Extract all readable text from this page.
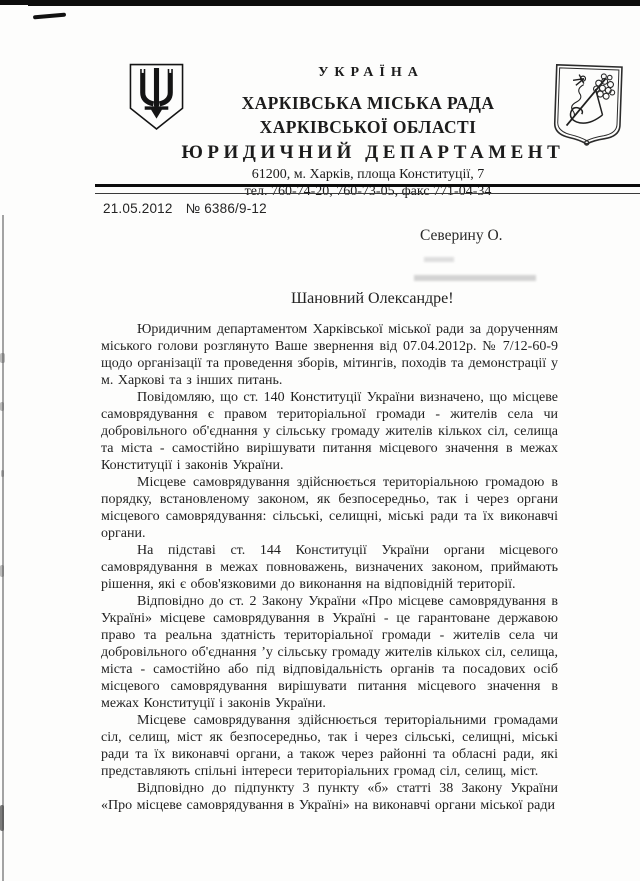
УКРАЇНА
ХАРКІВСЬКА МІСЬКА РАДА
ХАРКІВСЬКОЇ ОБЛАСТІ
ЮРИДИЧНИЙ ДЕПАРТАМЕНТ
61200, м. Харків, площа Конституції, 7
тел. 760-74-20, 760-73-05, факс 771-04-34
21.05.2012 № 6386/9-12
Северину О.
Шановний Олександре!

Юридичним департаментом Харківської міської ради за дорученням міського голови розглянуто Ваше звернення від 07.04.2012р. № 7/12-60-9 щодо організації та проведення зборів, мітингів, походів та демонстрації у м. Харкові та з інших питань.

Повідомляю, що ст. 140 Конституції України визначено, що місцеве самоврядування є правом територіальної громади - жителів села чи добровільного об'єднання у сільську громаду жителів кількох сіл, селища та міста - самостійно вирішувати питання місцевого значення в межах Конституції і законів України.

Місцеве самоврядування здійснюється територіальною громадою в порядку, встановленому законом, як безпосередньо, так і через органи місцевого самоврядування: сільські, селищні, міські ради та їх виконавчі органи.

На підставі ст. 144 Конституції України органи місцевого самоврядування в межах повноважень, визначених законом, приймають рішення, які є обов'язковими до виконання на відповідній території.

Відповідно до ст. 2 Закону України «Про місцеве самоврядування в Україні» місцеве самоврядування в Україні - це гарантоване державою право та реальна здатність територіальної громади - жителів села чи добровільного об'єднання ʼу сільську громаду жителів кількох сіл, селища, міста - самостійно або під відповідальність органів та посадових осіб місцевого самоврядування вирішувати питання місцевого значення в межах Конституції і законів України.

Місцеве самоврядування здійснюється територіальними громадами сіл, селищ, міст як безпосередньо, так і через сільські, селищні, міські ради та їх виконавчі органи, а також через районні та обласні ради, які представляють спільні інтереси територіальних громад сіл, селищ, міст.

Відповідно до підпункту 3 пункту «б» статті 38 Закону України «Про місцеве самоврядування в Україні» на виконавчі органи міської ради
